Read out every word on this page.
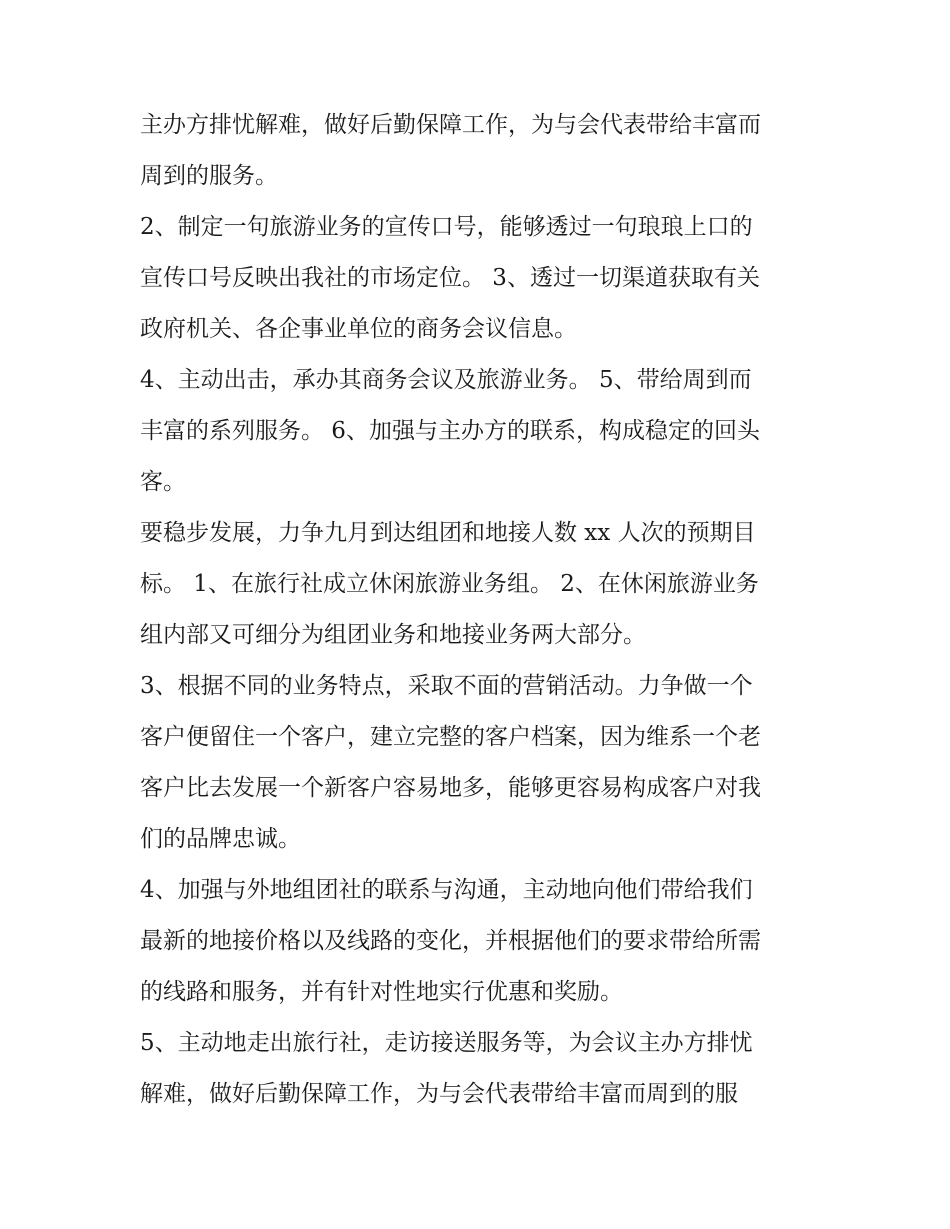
主办方排忧解难，做好后勤保障工作，为与会代表带给丰富而
周到的服务。
2、制定一句旅游业务的宣传口号，能够透过一句琅琅上口的
宣传口号反映出我社的市场定位。 3、透过一切渠道获取有关
政府机关、各企事业单位的商务会议信息。
4、主动出击，承办其商务会议及旅游业务。 5、带给周到而
丰富的系列服务。 6、加强与主办方的联系，构成稳定的回头
客。
要稳步发展，力争九月到达组团和地接人数 xx 人次的预期目
标。 1、在旅行社成立休闲旅游业务组。 2、在休闲旅游业务
组内部又可细分为组团业务和地接业务两大部分。
3、根据不同的业务特点，采取不面的营销活动。力争做一个
客户便留住一个客户，建立完整的客户档案，因为维系一个老
客户比去发展一个新客户容易地多，能够更容易构成客户对我
们的品牌忠诚。
4、加强与外地组团社的联系与沟通，主动地向他们带给我们
最新的地接价格以及线路的变化，并根据他们的要求带给所需
的线路和服务，并有针对性地实行优惠和奖励。
5、主动地走出旅行社，走访接送服务等，为会议主办方排忧
解难，做好后勤保障工作，为与会代表带给丰富而周到的服
